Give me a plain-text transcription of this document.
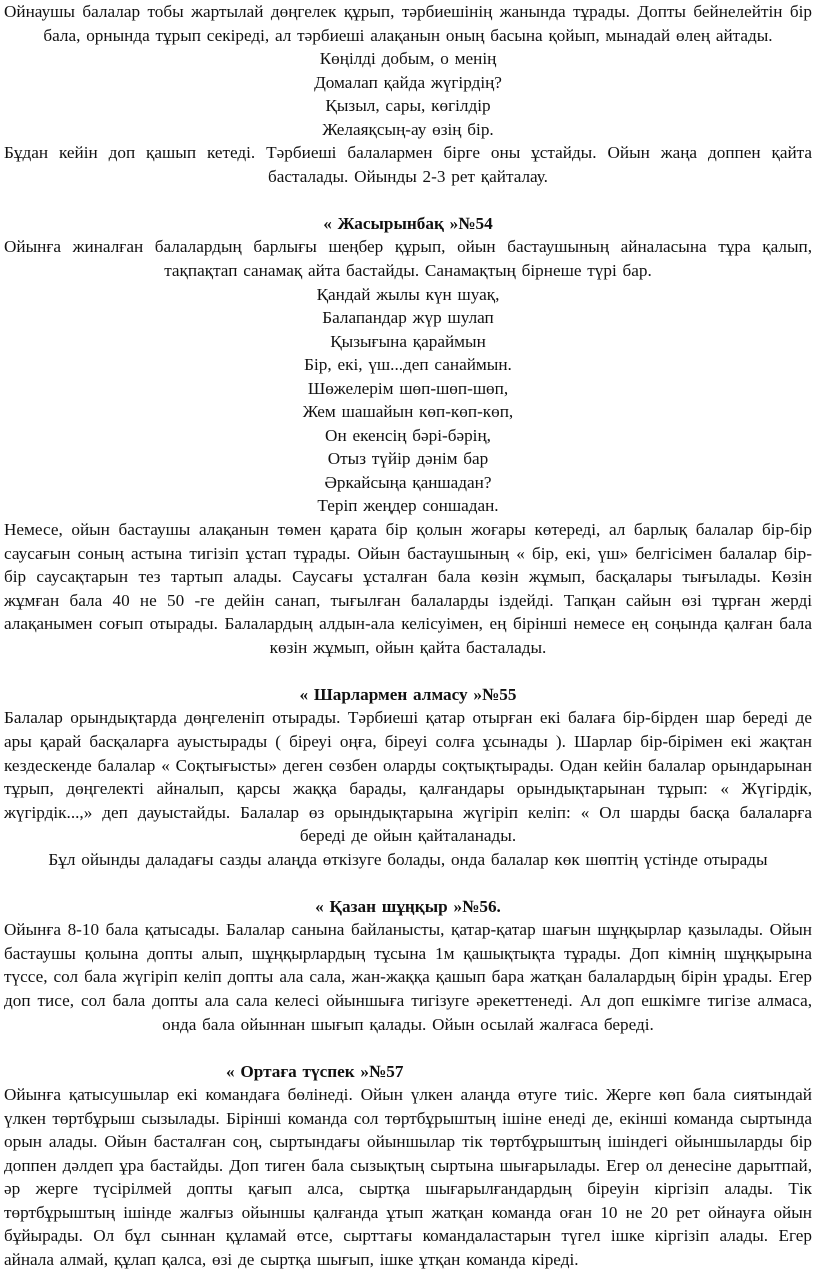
Ойнаушы балалар тобы жартылай дөңгелек құрып, тәрбиешінің жанында тұрады. Допты бейнелейтін бір бала, орнында тұрып секіреді, ал тәрбиеші алақанын оның басына қойып, мынадай өлең айтады.

Көңілді добым, о менің

Домалап қайда жүгірдің?

Қызыл, сары, көгілдір

Желаяқсың-ау өзің бір.

Бұдан кейін доп қашып кетеді. Тәрбиеші балалармен бірге оны ұстайды. Ойын жаңа доппен қайта басталады. Ойынды 2-3 рет қайталау.

« Жасырынбақ »№54

Ойынға жиналған балалардың барлығы шеңбер құрып, ойын бастаушының айналасына тұра қалып, тақпақтап санамақ айта бастайды. Санамақтың бірнеше түрі бар.

Қандай жылы күн шуақ,

Балапандар жүр шулап

Қызығына қараймын

Бір, екі, үш...деп санаймын.

Шөжелерім шөп-шөп-шөп,

Жем шашайын көп-көп-көп,

Он екенсің бәрі-бәрің,

Отыз түйір дәнім бар

Әркайсыңа қаншадан?

Теріп жеңдер соншадан.

Немесе, ойын бастаушы алақанын төмен қарата бір қолын жоғары көтереді, ал барлық балалар бір-бір саусағын соның астына тигізіп ұстап тұрады. Ойын бастаушының « бір, екі, үш» белгісімен балалар бір-бір саусақтарын тез тартып алады. Саусағы ұсталған бала көзін жұмып, басқалары тығылады. Көзін жұмған бала 40 не 50 -ге дейін санап, тығылған балаларды іздейді. Тапқан сайын өзі тұрған жерді алақанымен соғып отырады. Балалардың алдын-ала келісуімен, ең бірінші немесе ең соңында қалған бала көзін жұмып, ойын қайта басталады.

« Шарлармен алмасу »№55

Балалар орындықтарда дөңгеленіп отырады. Тәрбиеші қатар отырған екі балаға бір-бірден шар береді де ары қарай басқаларға ауыстырады ( біреуі оңға, біреуі солға ұсынады ). Шарлар бір-бірімен екі жақтан кездескенде балалар « Соқтығысты» деген сөзбен оларды соқтықтырады. Одан кейін балалар орындарынан тұрып, дөңгелекті айналып, қарсы жаққа барады, қалғандары орындықтарынан тұрып: « Жүгірдік, жүгірдік...,» деп дауыстайды. Балалар өз орындықтарына жүгіріп келіп: « Ол шарды басқа балаларға береді де ойын қайталанады.

Бұл ойынды даладағы сазды алаңда өткізуге болады, онда балалар көк шөптің үстінде отырады

« Қазан шұңқыр »№56.

Ойынға 8-10 бала қатысады. Балалар санына байланысты, қатар-қатар шағын шұңқырлар қазылады. Ойын бастаушы қолына допты алып, шұңқырлардың тұсына 1м қашықтықта тұрады. Доп кімнің шұңқырына түссе, сол бала жүгіріп келіп допты ала сала, жан-жаққа қашып бара жатқан балалардың бірін ұрады. Егер доп тисе, сол бала допты ала сала келесі ойыншыға тигізуге әрекеттенеді. Ал доп ешкімге тигізе алмаса, онда бала ойыннан шығып қалады. Ойын осылай жалғаса береді.

« Ортаға түспек »№57

Ойынға қатысушылар екі командаға бөлінеді. Ойын үлкен алаңда өтуге тиіс. Жерге көп бала сиятындай үлкен төртбұрыш сызылады. Бірінші команда сол төртбұрыштың ішіне енеді де, екінші команда сыртында орын алады. Ойын басталған соң, сыртындағы ойыншылар тік төртбұрыштың ішіндегі ойыншыларды бір доппен дәлдеп ұра бастайды. Доп тиген бала сызықтың сыртына шығарылады. Егер ол денесіне дарытпай, әр жерге түсірілмей допты қағып алса, сыртқа шығарылғандардың біреуін кіргізіп алады. Тік төртбұрыштың ішінде жалғыз ойыншы қалғанда ұтып жатқан команда оған 10 не 20 рет ойнауға ойын бұйырады. Ол бұл сыннан құламай өтсе, сырттағы командаластарын түгел ішке кіргізіп алады. Егер айнала алмай, құлап қалса, өзі де сыртқа шығып, ішке ұтқан команда кіреді.
